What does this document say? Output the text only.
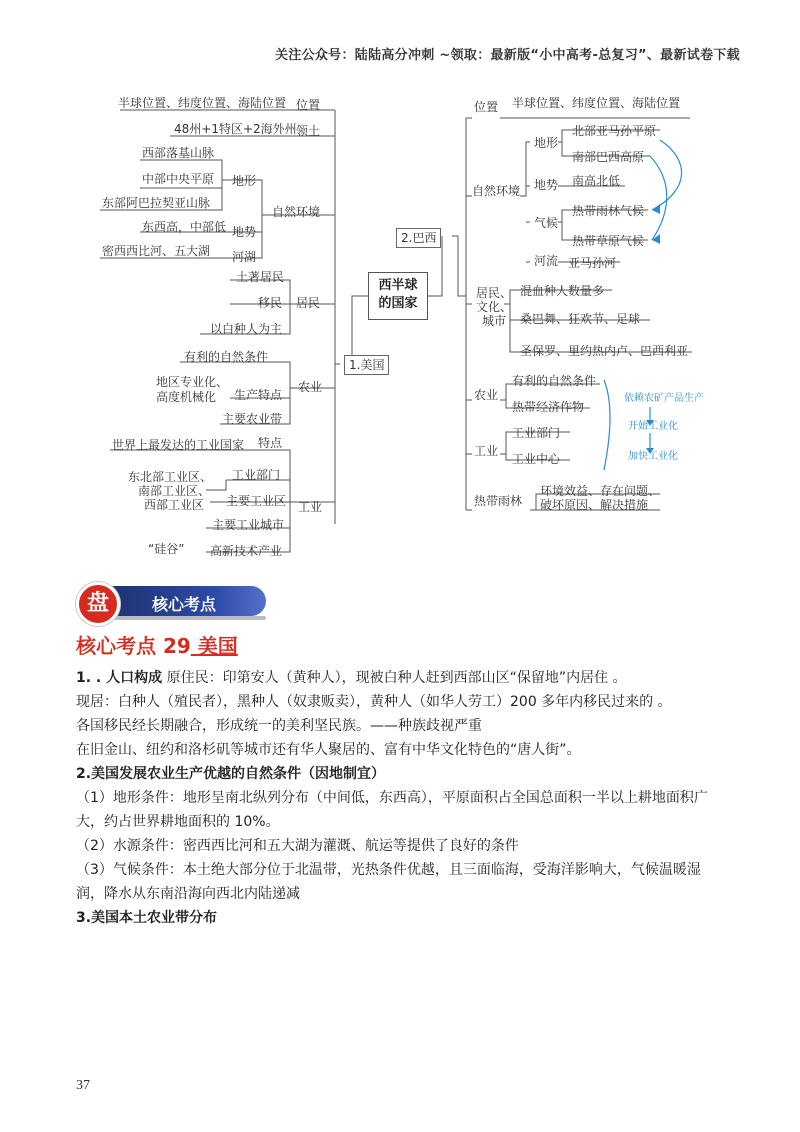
关注公众号：陆陆高分冲刺 ~领取：最新版“小中高考-总复习”、最新试卷下载
西半球
的国家
1.美国
2.巴西
位置
半球位置、纬度位置、海陆位置
领土
48州+1特区+2海外州
自然环境
地形
西部落基山脉
中部中央平原
东部阿巴拉契亚山脉
地势
东西高，中部低
河湖
密西西比河、五大湖
居民
土著居民
移民
以白种人为主
农业
有利的自然条件
生产特点
主要农业带
地区专业化、
高度机械化
工业
特点
世界上最发达的工业国家
工业部门
主要工业区
东北部工业区、
南部工业区、
西部工业区
主要工业城市
高新技术产业
“硅谷”
位置 半球位置、纬度位置、海陆位置
自然环境
地形
北部亚马孙平原
南部巴西高原
地势 南高北低
气候
热带雨林气候
热带草原气候
河流 亚马孙河
居民、
文化、
城市
混血种人数量多
桑巴舞、狂欢节、足球
圣保罗、里约热内卢、巴西利亚
农业
有利的自然条件
热带经济作物
工业
工业部门
工业中心
热带雨林
环境效益、存在问题、
破坏原因、解决措施
依赖农矿产品生产
开始工业化
加快工业化
盘	核心考点
核心考点 29 美国

1. . 人口构成 原住民：印第安人（黄种人），现被白种人赶到西部山区“保留地”内居住 。

现居：白种人（殖民者），黑种人（奴隶贩卖），黄种人（如华人劳工）200 多年内移民过来的 。

各国移民经长期融合，形成统一的美利坚民族。——种族歧视严重

在旧金山、纽约和洛杉矶等城市还有华人聚居的、富有中华文化特色的“唐人街”。

2.美国发展农业生产优越的自然条件（因地制宜）

（1）地形条件：地形呈南北纵列分布（中间低，东西高），平原面积占全国总面积一半以上耕地面积广大，约占世界耕地面积的 10%。

（2）水源条件：密西西比河和五大湖为灌溉、航运等提供了良好的条件

（3）气候条件：本土绝大部分位于北温带，光热条件优越，且三面临海，受海洋影响大，气候温暖湿润，降水从东南沿海向西北内陆递减

3.美国本土农业带分布

37
